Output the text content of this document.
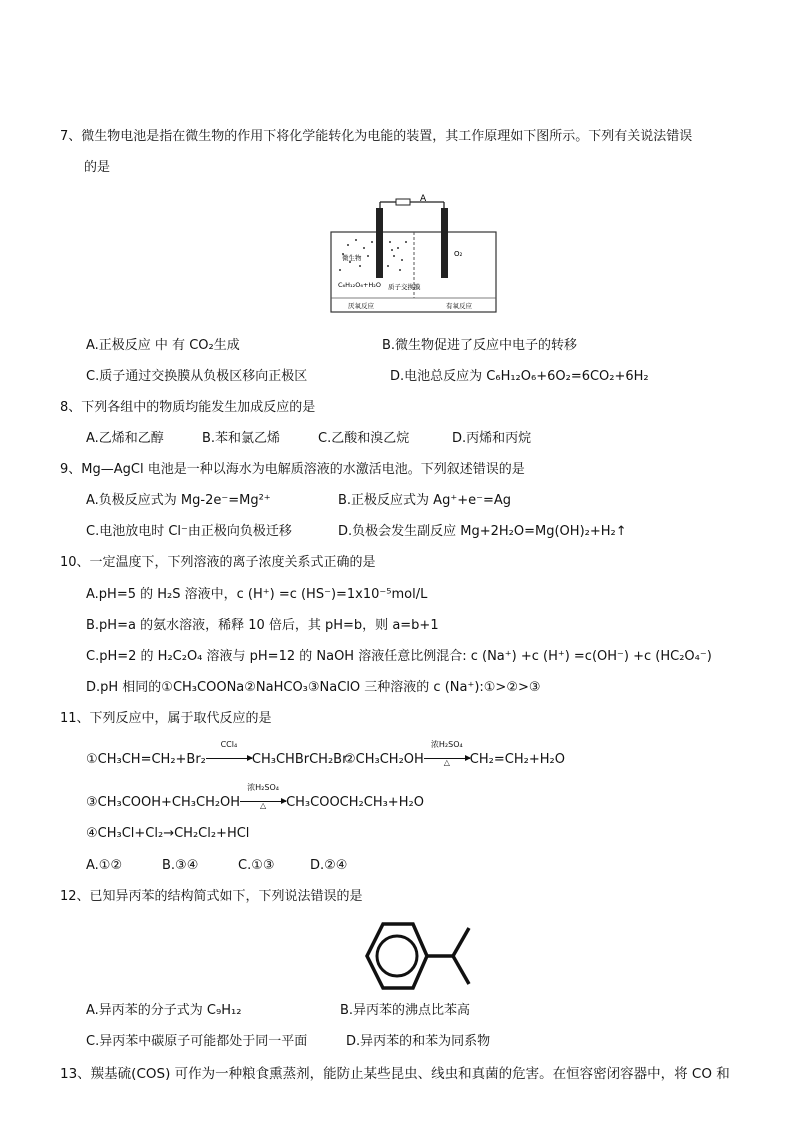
7、微生物电池是指在微生物的作用下将化学能转化为电能的装置，其工作原理如下图所示。下列有关说法错误
的是
A
微生物
C₆H₁₂O₆+H₂O 质子交换膜
O₂
厌氧反应	有氧反应
A.正极反应 中 有 CO₂生成	B.微生物促进了反应中电子的转移
C.质子通过交换膜从负极区移向正极区	D.电池总反应为 C₆H₁₂O₆+6O₂=6CO₂+6H₂
8、下列各组中的物质均能发生加成反应的是
A.乙烯和乙醇	B.苯和氯乙烯	C.乙酸和溴乙烷	D.丙烯和丙烷
9、Mg—AgCl 电池是一种以海水为电解质溶液的水激活电池。下列叙述错误的是
A.负极反应式为 Mg-2e⁻=Mg²⁺	B.正极反应式为 Ag⁺+e⁻=Ag
C.电池放电时 Cl⁻由正极向负极迁移	D.负极会发生副反应 Mg+2H₂O=Mg(OH)₂+H₂↑
10、一定温度下，下列溶液的离子浓度关系式正确的是
A.pH=5 的 H₂S 溶液中，c (H⁺) =c (HS⁻)=1x10⁻⁵mol/L
B.pH=a 的氨水溶液，稀释 10 倍后，其 pH=b，则 a=b+1
C.pH=2 的 H₂C₂O₄ 溶液与 pH=12 的 NaOH 溶液任意比例混合: c (Na⁺) +c (H⁺) =c(OH⁻) +c (HC₂O₄⁻)
D.pH 相同的①CH₃COONa②NaHCO₃③NaClO 三种溶液的 c (Na⁺):①>②>③
11、下列反应中，属于取代反应的是
①CH₃CH=CH₂+Br₂
CCl₄
CH₃CHBrCH₂Br
②CH₃CH₂OH
浓H₂SO₄
△	CH₂=CH₂+H₂O
③CH₃COOH+CH₃CH₂OH
浓H₂SO₄
△	CH₃COOCH₂CH₃+H₂O
④CH₃Cl+Cl₂→CH₂Cl₂+HCl
A.①②	B.③④	C.①③	D.②④
12、已知异丙苯的结构简式如下，下列说法错误的是
A.异丙苯的分子式为 C₉H₁₂	B.异丙苯的沸点比苯高
C.异丙苯中碳原子可能都处于同一平面	D.异丙苯的和苯为同系物
13、羰基硫(COS) 可作为一种粮食熏蒸剂，能防止某些昆虫、线虫和真菌的危害。在恒容密闭容器中，将 CO 和
